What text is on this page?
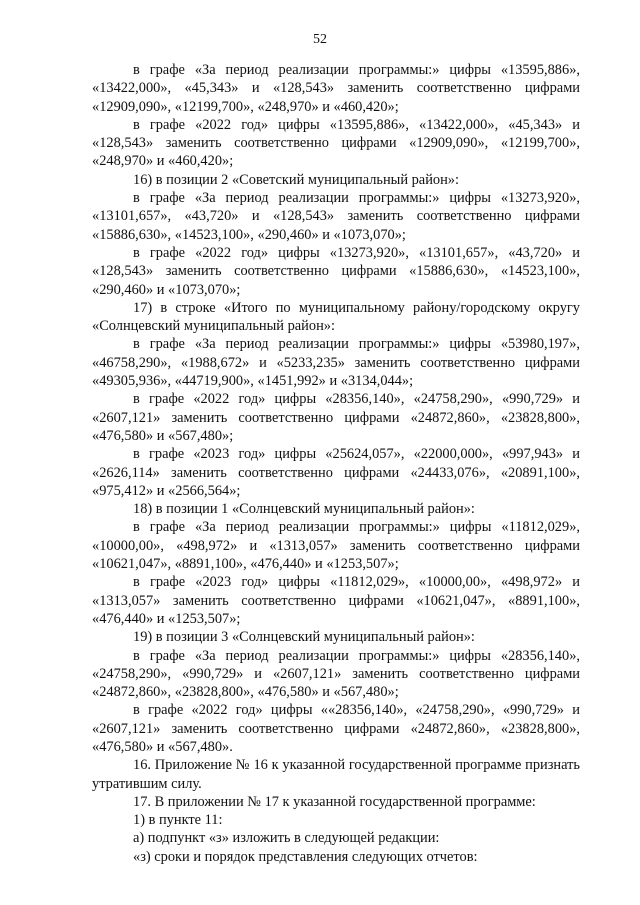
52

в графе «За период реализации программы:» цифры «13595,886», «13422,000», «45,343» и «128,543» заменить соответственно цифрами «12909,090», «12199,700», «248,970» и «460,420»;

в графе «2022 год» цифры «13595,886», «13422,000», «45,343» и «128,543» заменить соответственно цифрами «12909,090», «12199,700», «248,970» и «460,420»;

16) в позиции 2 «Советский муниципальный район»:

в графе «За период реализации программы:» цифры «13273,920», «13101,657», «43,720» и «128,543» заменить соответственно цифрами «15886,630», «14523,100», «290,460» и «1073,070»;

в графе «2022 год» цифры «13273,920», «13101,657», «43,720» и «128,543» заменить соответственно цифрами «15886,630», «14523,100», «290,460» и «1073,070»;

17) в строке «Итого по муниципальному району/городскому округу «Солнцевский муниципальный район»:

в графе «За период реализации программы:» цифры «53980,197», «46758,290», «1988,672» и «5233,235» заменить соответственно цифрами «49305,936», «44719,900», «1451,992» и «3134,044»;

в графе «2022 год» цифры «28356,140», «24758,290», «990,729» и «2607,121» заменить соответственно цифрами «24872,860», «23828,800», «476,580» и «567,480»;

в графе «2023 год» цифры «25624,057», «22000,000», «997,943» и «2626,114» заменить соответственно цифрами «24433,076», «20891,100», «975,412» и «2566,564»;

18) в позиции 1 «Солнцевский муниципальный район»:

в графе «За период реализации программы:» цифры «11812,029», «10000,00», «498,972» и «1313,057» заменить соответственно цифрами «10621,047», «8891,100», «476,440» и «1253,507»;

в графе «2023 год» цифры «11812,029», «10000,00», «498,972» и «1313,057» заменить соответственно цифрами «10621,047», «8891,100», «476,440» и «1253,507»;

19) в позиции 3 «Солнцевский муниципальный район»:

в графе «За период реализации программы:» цифры «28356,140», «24758,290», «990,729» и «2607,121» заменить соответственно цифрами «24872,860», «23828,800», «476,580» и «567,480»;

в графе «2022 год» цифры ««28356,140», «24758,290», «990,729» и «2607,121» заменить соответственно цифрами «24872,860», «23828,800», «476,580» и «567,480».

16. Приложение № 16 к указанной государственной программе признать утратившим силу.

17. В приложении № 17 к указанной государственной программе:

1) в пункте 11:

а) подпункт «з» изложить в следующей редакции:

«з) сроки и порядок представления следующих отчетов:
